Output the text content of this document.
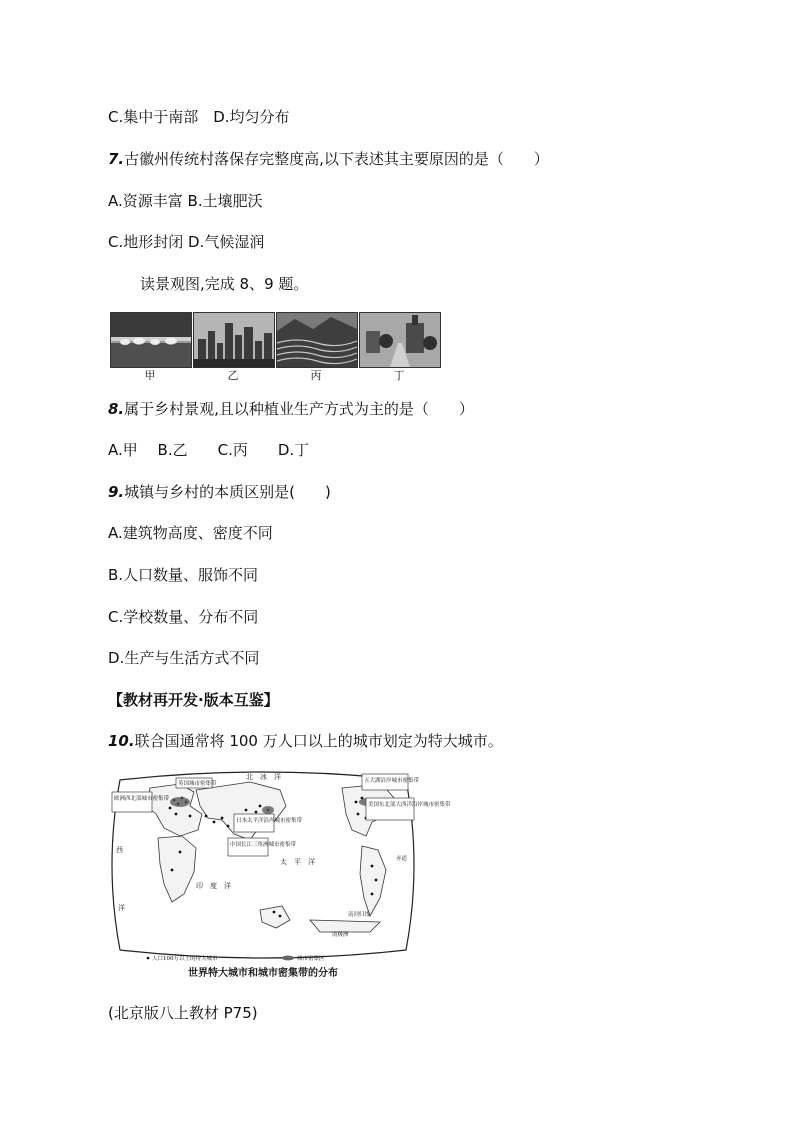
C.集中于南部　D.均匀分布
7.古徽州传统村落保存完整度高,以下表述其主要原因的是（　　）
A.资源丰富 B.土壤肥沃
C.地形封闭 D.气候湿润
读景观图,完成 8、9 题。
甲	乙	丙	丁
8.属于乡村景观,且以种植业生产方式为主的是（　　）
A.甲　 B.乙　　C.丙　　D.丁
9.城镇与乡村的本质区别是(　　)
A.建筑物高度、密度不同
B.人口数量、服饰不同
C.学校数量、分布不同
D.生产与生活方式不同
【教材再开发·版本互鉴】
10.联合国通常将 100 万人口以上的城市划定为特大城市。
欧洲西北部城市密集带
英国城市密集带
日本太平洋沿岸城市密集带
中国长江三角洲城市密集带
五大湖沿岸城市密集带
美国东北部大西洋沿岸城市密集带
北　冰　洋
太　平　洋
印　度　洋
西
洋
南极洲
南回归线
赤道
人口100万以上的特大城市	城市密集区
世界特大城市和城市密集带的分布
(北京版八上教材 P75)
